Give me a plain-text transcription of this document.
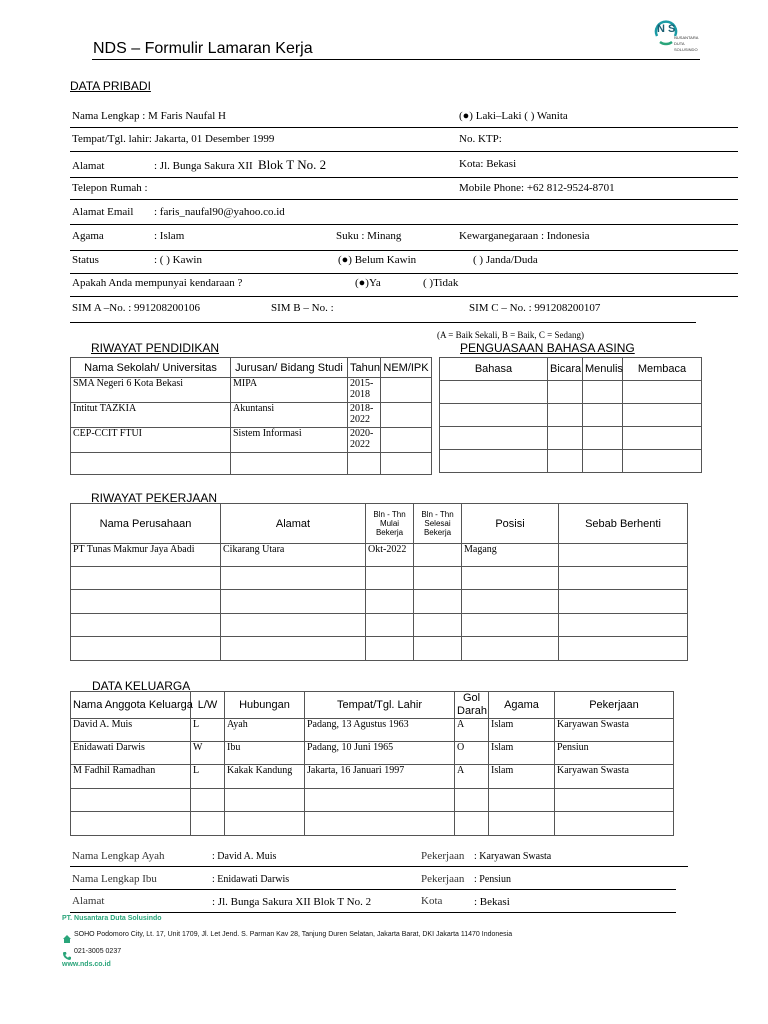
N S
NUSANTARA
DUTA
SOLUSINDO
NDS – Formulir Lamaran Kerja
DATA PRIBADI
Nama Lengkap : M Faris Naufal H	(●) Laki–Laki ( ) Wanita
Tempat/Tgl. lahir: Jakarta, 01 Desember 1999	No. KTP:
Alamat	: Jl. Bunga Sakura XII Blok T No. 2	Kota: Bekasi
Telepon Rumah :	Mobile Phone: +62 812-9524-8701
Alamat Email : faris_naufal90@yahoo.co.id
Agama	: Islam	Suku : Minang	Kewarganegaraan : Indonesia
Status	: ( ) Kawin	(●) Belum Kawin	( ) Janda/Duda
Apakah Anda mempunyai kendaraan ?	(●)Ya	( )Tidak
SIM A –No. : 991208200106	SIM B – No. :	SIM C – No. : 991208200107
(A = Baik Sekali, B = Baik, C = Sedang)
RIWAYAT PENDIDIKAN	PENGUASAAN BAHASA ASING
Nama Sekolah/ Universitas	Jurusan/ Bidang Studi	Tahun	NEM/IPK
SMA Negeri 6 Kota Bekasi	MIPA	2015-2018	
Intitut TAZKIA	Akuntansi	2018-2022	
CEP-CCIT FTUI	Sistem Informasi	2020-2022	

Bahasa	Bicara	Menulis	Membaca

RIWAYAT PEKERJAAN
Nama Perusahaan	Alamat	Bln - Thn Mulai Bekerja	Bln - Thn Selesai Bekerja	Posisi	Sebab Berhenti
PT Tunas Makmur Jaya Abadi	Cikarang Utara	Okt-2022		Magang	

DATA KELUARGA
Nama Anggota Keluarga	L/W	Hubungan	Tempat/Tgl. Lahir	Gol Darah	Agama	Pekerjaan
David A. Muis	L	Ayah	Padang, 13 Agustus 1963	A	Islam	Karyawan Swasta
Enidawati Darwis	W	Ibu	Padang, 10 Juni 1965	O	Islam	Pensiun
M Fadhil Ramadhan	L	Kakak Kandung	Jakarta, 16 Januari 1997	A	Islam	Karyawan Swasta

Nama Lengkap Ayah	: David A. Muis	Pekerjaan : Karyawan Swasta
Nama Lengkap Ibu	: Enidawati Darwis	Pekerjaan : Pensiun
Alamat	: Jl. Bunga Sakura XII Blok T No. 2	Kota	: Bekasi
PT. Nusantara Duta Solusindo
SOHO Podomoro City, Lt. 17, Unit 1709, Jl. Let Jend. S. Parman Kav 28, Tanjung Duren Selatan, Jakarta Barat, DKI Jakarta 11470 Indonesia
021-3005 0237
www.nds.co.id
